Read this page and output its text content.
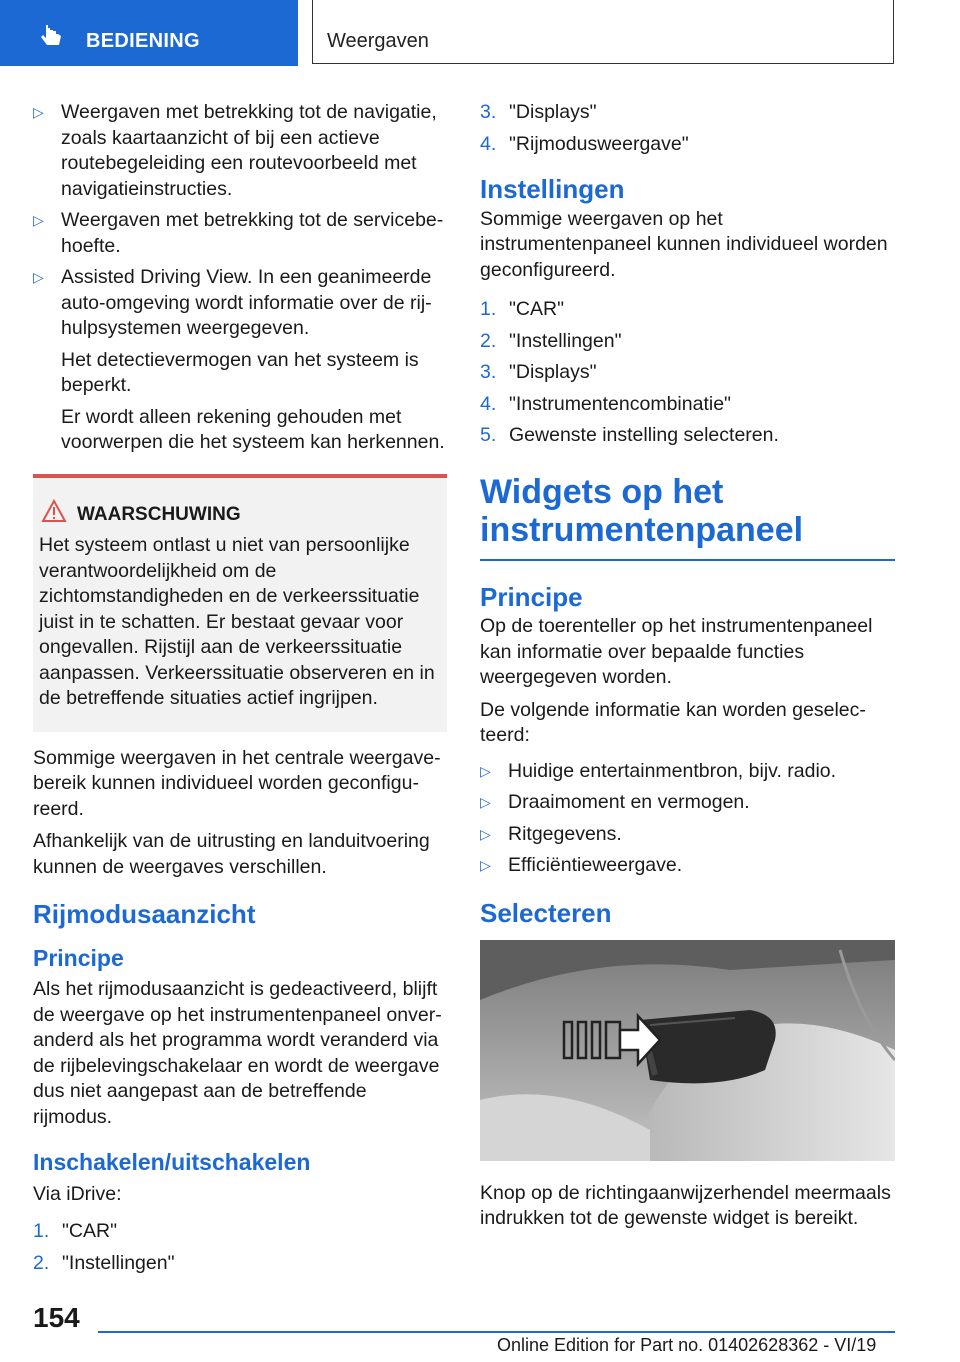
BEDIENING	Weergaven
▷ Weergaven met betrekking tot de navigatie, zoals kaartaanzicht of bij een actieve routebegeleiding een routevoorbeeld met navigatieinstructies.
▷ Weergaven met betrekking tot de servicebehoefte.
▷ Assisted Driving View. In een geanimeerde auto-omgeving wordt informatie over de rijhulpsystemen weergegeven.

Het detectievermogen van het systeem is beperkt.

Er wordt alleen rekening gehouden met voorwerpen die het systeem kan herkennen.

WAARSCHUWING
Het systeem ontlast u niet van persoonlijke verantwoordelijkheid om de zichtomstandigheden en de verkeerssituatie juist in te schatten. Er bestaat gevaar voor ongevallen. Rijstijl aan de verkeerssituatie aanpassen. Verkeerssituatie observeren en in de betreffende situaties actief ingrijpen.

Sommige weergaven in het centrale weergavebereik kunnen individueel worden geconfigureerd.

Afhankelijk van de uitrusting en landuitvoering kunnen de weergaves verschillen.

Rijmodusaanzicht
Principe

Als het rijmodusaanzicht is gedeactiveerd, blijft de weergave op het instrumentenpaneel onveranderd als het programma wordt veranderd via de rijbelevingschakelaar en wordt de weergave dus niet aangepast aan de betreffende rijmodus.

Inschakelen/uitschakelen

Via iDrive:

1. "CAR"
2. "Instellingen"
3. "Displays"
4. "Rijmodusweergave"
Instellingen

Sommige weergaven op het instrumentenpaneel kunnen individueel worden geconfigureerd.

1. "CAR"
2. "Instellingen"
3. "Displays"
4. "Instrumentencombinatie"
5. Gewenste instelling selecteren.
Widgets op het instrumentenpaneel
Principe

Op de toerenteller op het instrumentenpaneel kan informatie over bepaalde functies weergegeven worden.

De volgende informatie kan worden geselecteerd:

▷ Huidige entertainmentbron, bijv. radio.
▷ Draaimoment en vermogen.
▷ Ritgegevens.
▷ Efficiëntieweergave.
Selecteren

Knop op de richtingaanwijzerhendel meermaals indrukken tot de gewenste widget is bereikt.

154
Online Edition for Part no. 01402628362 - VI/19
